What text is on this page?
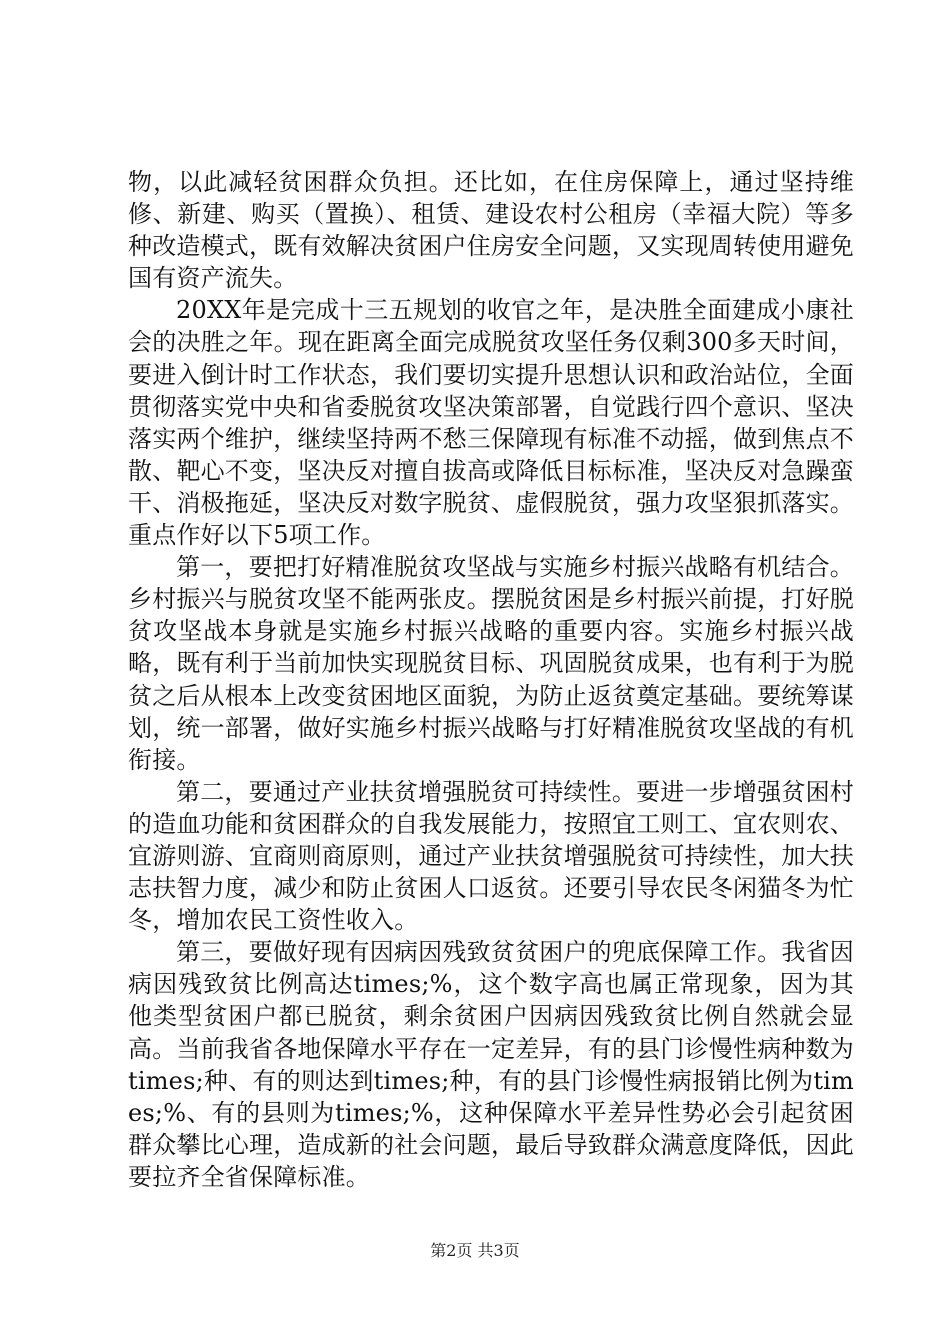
物，以此减轻贫困群众负担。还比如，在住房保障上，通过坚持维修、新建、购买（置换）、租赁、建设农村公租房（幸福大院）等多种改造模式，既有效解决贫困户住房安全问题，又实现周转使用避免国有资产流失。

20XX年是完成十三五规划的收官之年，是决胜全面建成小康社会的决胜之年。现在距离全面完成脱贫攻坚任务仅剩300多天时间，要进入倒计时工作状态，我们要切实提升思想认识和政治站位，全面贯彻落实党中央和省委脱贫攻坚决策部署，自觉践行四个意识、坚决落实两个维护，继续坚持两不愁三保障现有标准不动摇，做到焦点不散、靶心不变，坚决反对擅自拔高或降低目标标准，坚决反对急躁蛮干、消极拖延，坚决反对数字脱贫、虚假脱贫，强力攻坚狠抓落实。重点作好以下5项工作。

第一，要把打好精准脱贫攻坚战与实施乡村振兴战略有机结合。乡村振兴与脱贫攻坚不能两张皮。摆脱贫困是乡村振兴前提，打好脱贫攻坚战本身就是实施乡村振兴战略的重要内容。实施乡村振兴战略，既有利于当前加快实现脱贫目标、巩固脱贫成果，也有利于为脱贫之后从根本上改变贫困地区面貌，为防止返贫奠定基础。要统筹谋划，统一部署，做好实施乡村振兴战略与打好精准脱贫攻坚战的有机衔接。

第二，要通过产业扶贫增强脱贫可持续性。要进一步增强贫困村的造血功能和贫困群众的自我发展能力，按照宜工则工、宜农则农、宜游则游、宜商则商原则，通过产业扶贫增强脱贫可持续性，加大扶志扶智力度，减少和防止贫困人口返贫。还要引导农民冬闲猫冬为忙冬，增加农民工资性收入。

第三，要做好现有因病因残致贫贫困户的兜底保障工作。我省因病因残致贫比例高达times;%，这个数字高也属正常现象，因为其他类型贫困户都已脱贫，剩余贫困户因病因残致贫比例自然就会显高。当前我省各地保障水平存在一定差异，有的县门诊慢性病种数为times;种、有的则达到times;种，有的县门诊慢性病报销比例为times;%、有的县则为times;%，这种保障水平差异性势必会引起贫困群众攀比心理，造成新的社会问题，最后导致群众满意度降低，因此要拉齐全省保障标准。

第2页 共3页
